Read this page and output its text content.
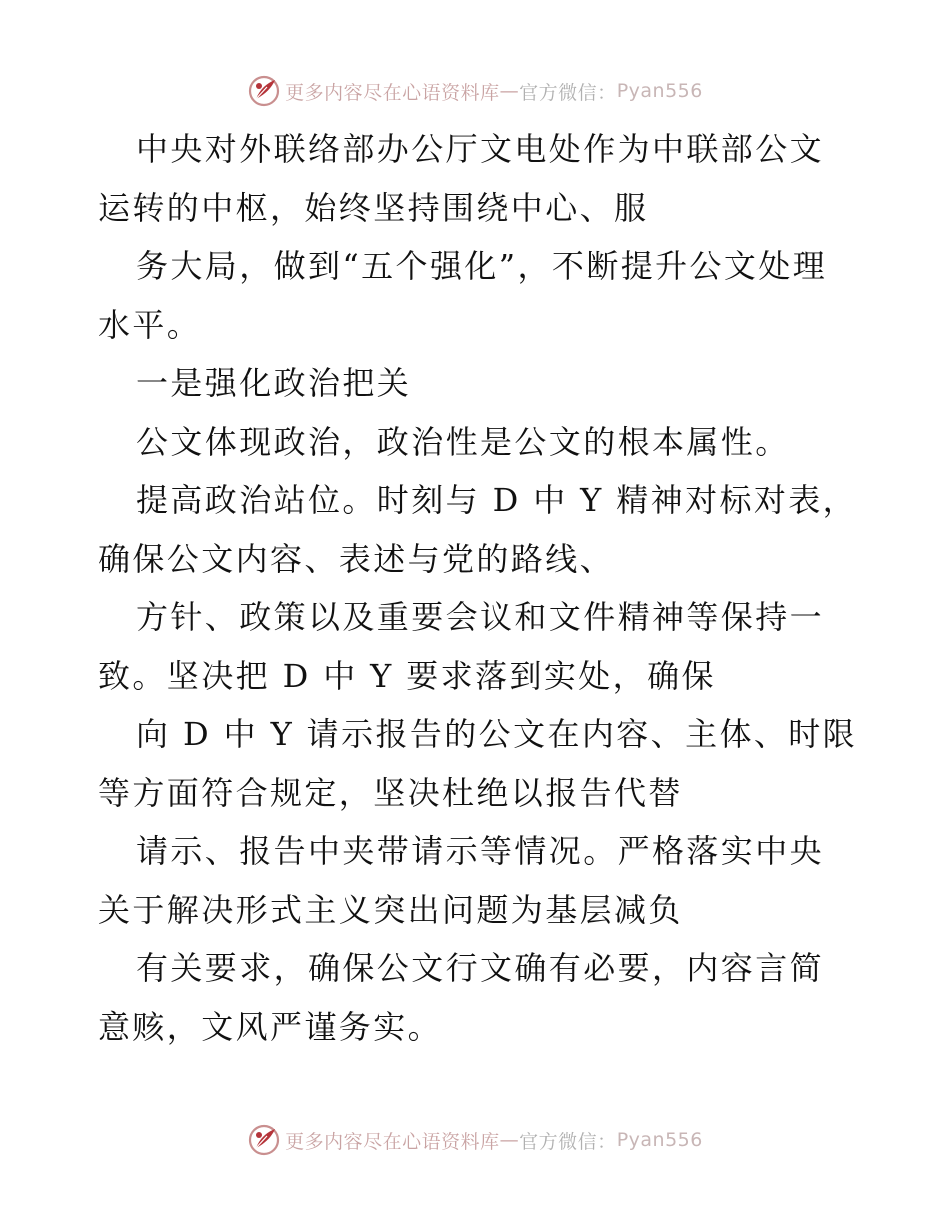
更多内容尽在心语资料库 — 官方微信： Pyan556

中央对外联络部办公厅文电处作为中联部公文运转的中枢，始终坚持围绕中心、服

务大局，做到“五个强化”，不断提升公文处理水平。

一是强化政治把关

公文体现政治，政治性是公文的根本属性。

提高政治站位。时刻与 D 中 Y 精神对标对表，确保公文内容、表述与党的路线、

方针、政策以及重要会议和文件精神等保持一致。坚决把 D 中 Y 要求落到实处，确保

向 D 中 Y 请示报告的公文在内容、主体、时限等方面符合规定，坚决杜绝以报告代替

请示、报告中夹带请示等情况。严格落实中央关于解决形式主义突出问题为基层减负

有关要求，确保公文行文确有必要，内容言简意赅，文风严谨务实。

更多内容尽在心语资料库 — 官方微信： Pyan556
